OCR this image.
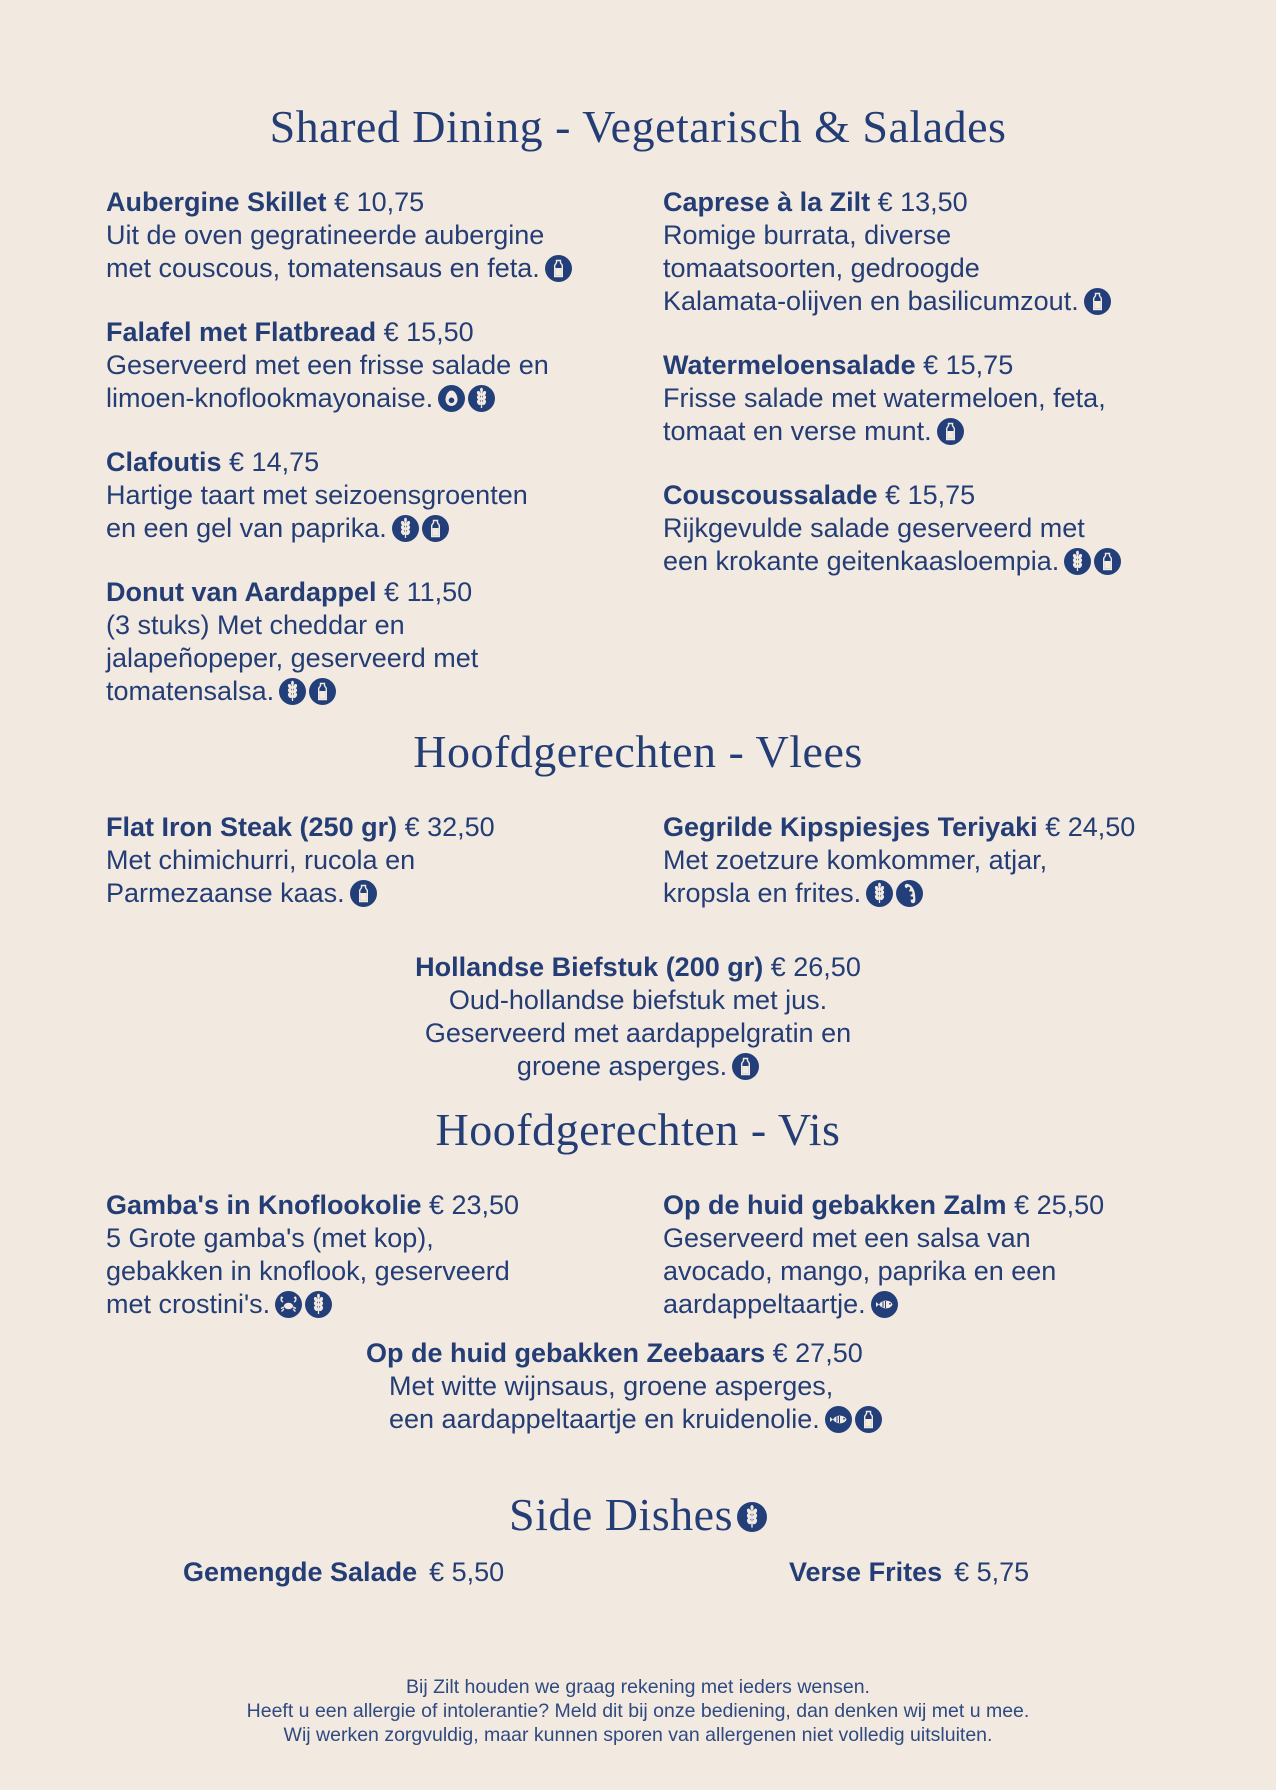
Shared Dining - Vegetarisch & Salades
Aubergine Skillet € 10,75
Uit de oven gegratineerde aubergine
met couscous, tomatensaus en feta.
Falafel met Flatbread € 15,50
Geserveerd met een frisse salade en
limoen-knoflookmayonaise.
Clafoutis € 14,75
Hartige taart met seizoensgroenten
en een gel van paprika.
Donut van Aardappel € 11,50
(3 stuks) Met cheddar en
jalapeñopeper, geserveerd met
tomatensalsa.
Caprese à la Zilt € 13,50
Romige burrata, diverse
tomaatsoorten, gedroogde
Kalamata-olijven en basilicumzout.
Watermeloensalade € 15,75
Frisse salade met watermeloen, feta,
tomaat en verse munt.
Couscoussalade € 15,75
Rijkgevulde salade geserveerd met
een krokante geitenkaasloempia.
Hoofdgerechten - Vlees
Flat Iron Steak (250 gr) € 32,50
Met chimichurri, rucola en
Parmezaanse kaas.
Gegrilde Kipspiesjes Teriyaki € 24,50
Met zoetzure komkommer, atjar,
kropsla en frites.
Hollandse Biefstuk (200 gr) € 26,50
Oud-hollandse biefstuk met jus.
Geserveerd met aardappelgratin en
groene asperges.
Hoofdgerechten - Vis
Gamba's in Knoflookolie € 23,50
5 Grote gamba's (met kop),
gebakken in knoflook, geserveerd
met crostini's.
Op de huid gebakken Zalm € 25,50
Geserveerd met een salsa van
avocado, mango, paprika en een
aardappeltaartje.
Op de huid gebakken Zeebaars € 27,50
Met witte wijnsaus, groene asperges,
een aardappeltaartje en kruidenolie.
Side Dishes
Gemengde Salade € 5,50	Verse Frites € 5,75
Bij Zilt houden we graag rekening met ieders wensen.
Heeft u een allergie of intolerantie? Meld dit bij onze bediening, dan denken wij met u mee.
Wij werken zorgvuldig, maar kunnen sporen van allergenen niet volledig uitsluiten.
